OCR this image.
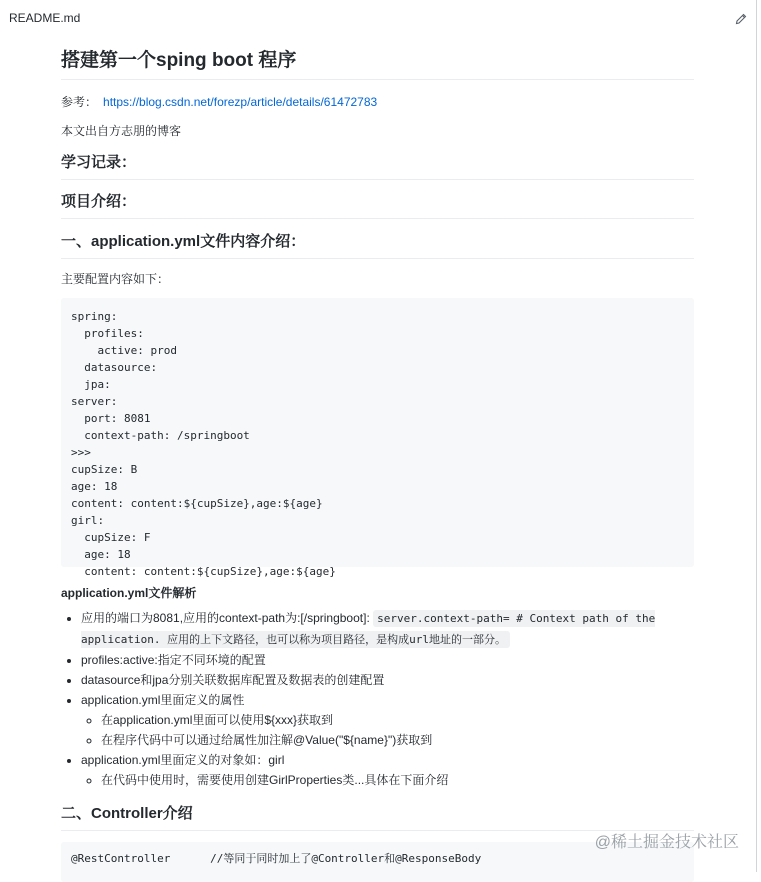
README.md
搭建第一个sping boot 程序

参考： https://blog.csdn.net/forezp/article/details/61472783

本文出自方志朋的博客

学习记录：
项目介绍：
一、application.yml文件内容介绍：

主要配置内容如下：

spring:
profiles:
active: prod
datasource:
jpa:
server:
port: 8081
context-path: /springboot
>>>
cupSize: B
age: 18
content: content:${cupSize},age:${age}
girl:
cupSize: F
age: 18
content: content:${cupSize},age:${age}
application.yml文件解析
• 应用的端口为8081,应用的context-path为:[/springboot]: server.context-path= # Context path of the application. 应用的上下文路径，也可以称为项目路径，是构成url地址的一部分。
• profiles:active:指定不同环境的配置
• datasource和jpa分别关联数据库配置及数据表的创建配置
• application.yml里面定义的属性
◦ 在application.yml里面可以使用${xxx}获取到
◦ 在程序代码中可以通过给属性加注解@Value("${name}")获取到
• application.yml里面定义的对象如：girl
◦ 在代码中使用时，需要使用创建GirlProperties类...具体在下面介绍
二、Controller介绍
@RestController      //等同于同时加上了@Controller和@ResponseBody
@稀土掘金技术社区
